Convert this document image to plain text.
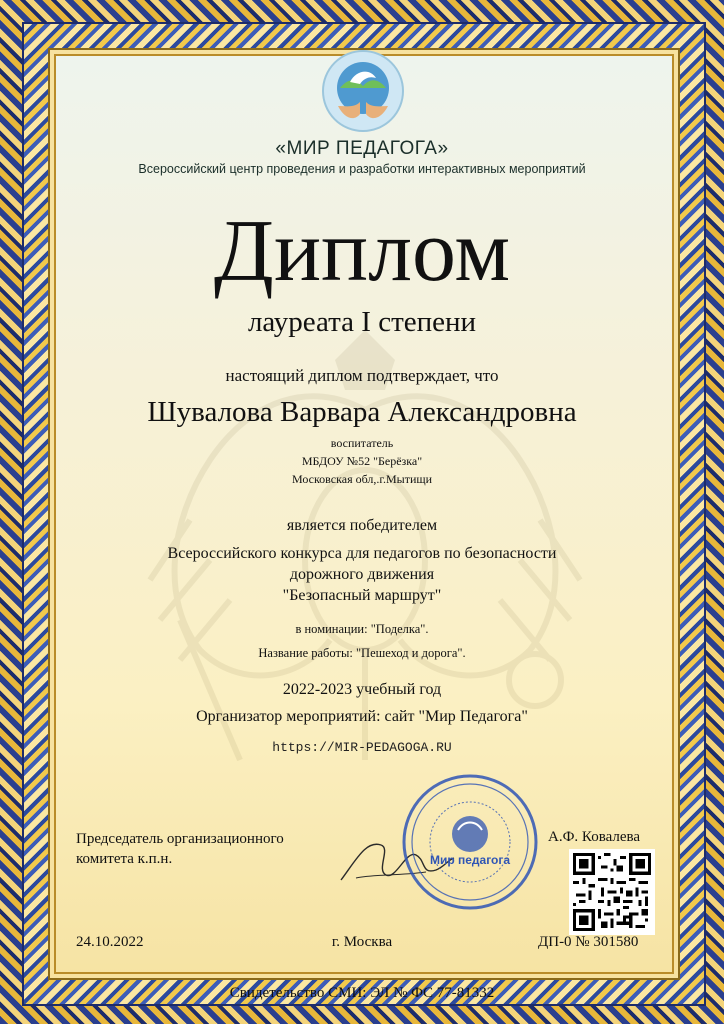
«МИР ПЕДАГОГА»
Всероссийский центр проведения и разработки интерактивных мероприятий
Диплом
лауреата I степени
настоящий диплом подтверждает, что
Шувалова Варвара Александровна
воспитатель
МБДОУ №52 "Берёзка"
Московская обл,.г.Мытищи
является победителем
Всероссийского конкурса для педагогов по безопасности
дорожного движения
"Безопасный маршрут"
в номинации: "Поделка".
Название работы: "Пешеход и дорога".
2022-2023 учебный год
Организатор мероприятий: сайт "Мир Педагога"
https://MIR-PEDAGOGA.RU
Председатель организационного
комитета к.п.н.	Мир педагога
А.Ф. Ковалева
24.10.2022	г. Москва	ДП-0 № 301580
Свидетельство СМИ: ЭЛ № ФС 77-81332
